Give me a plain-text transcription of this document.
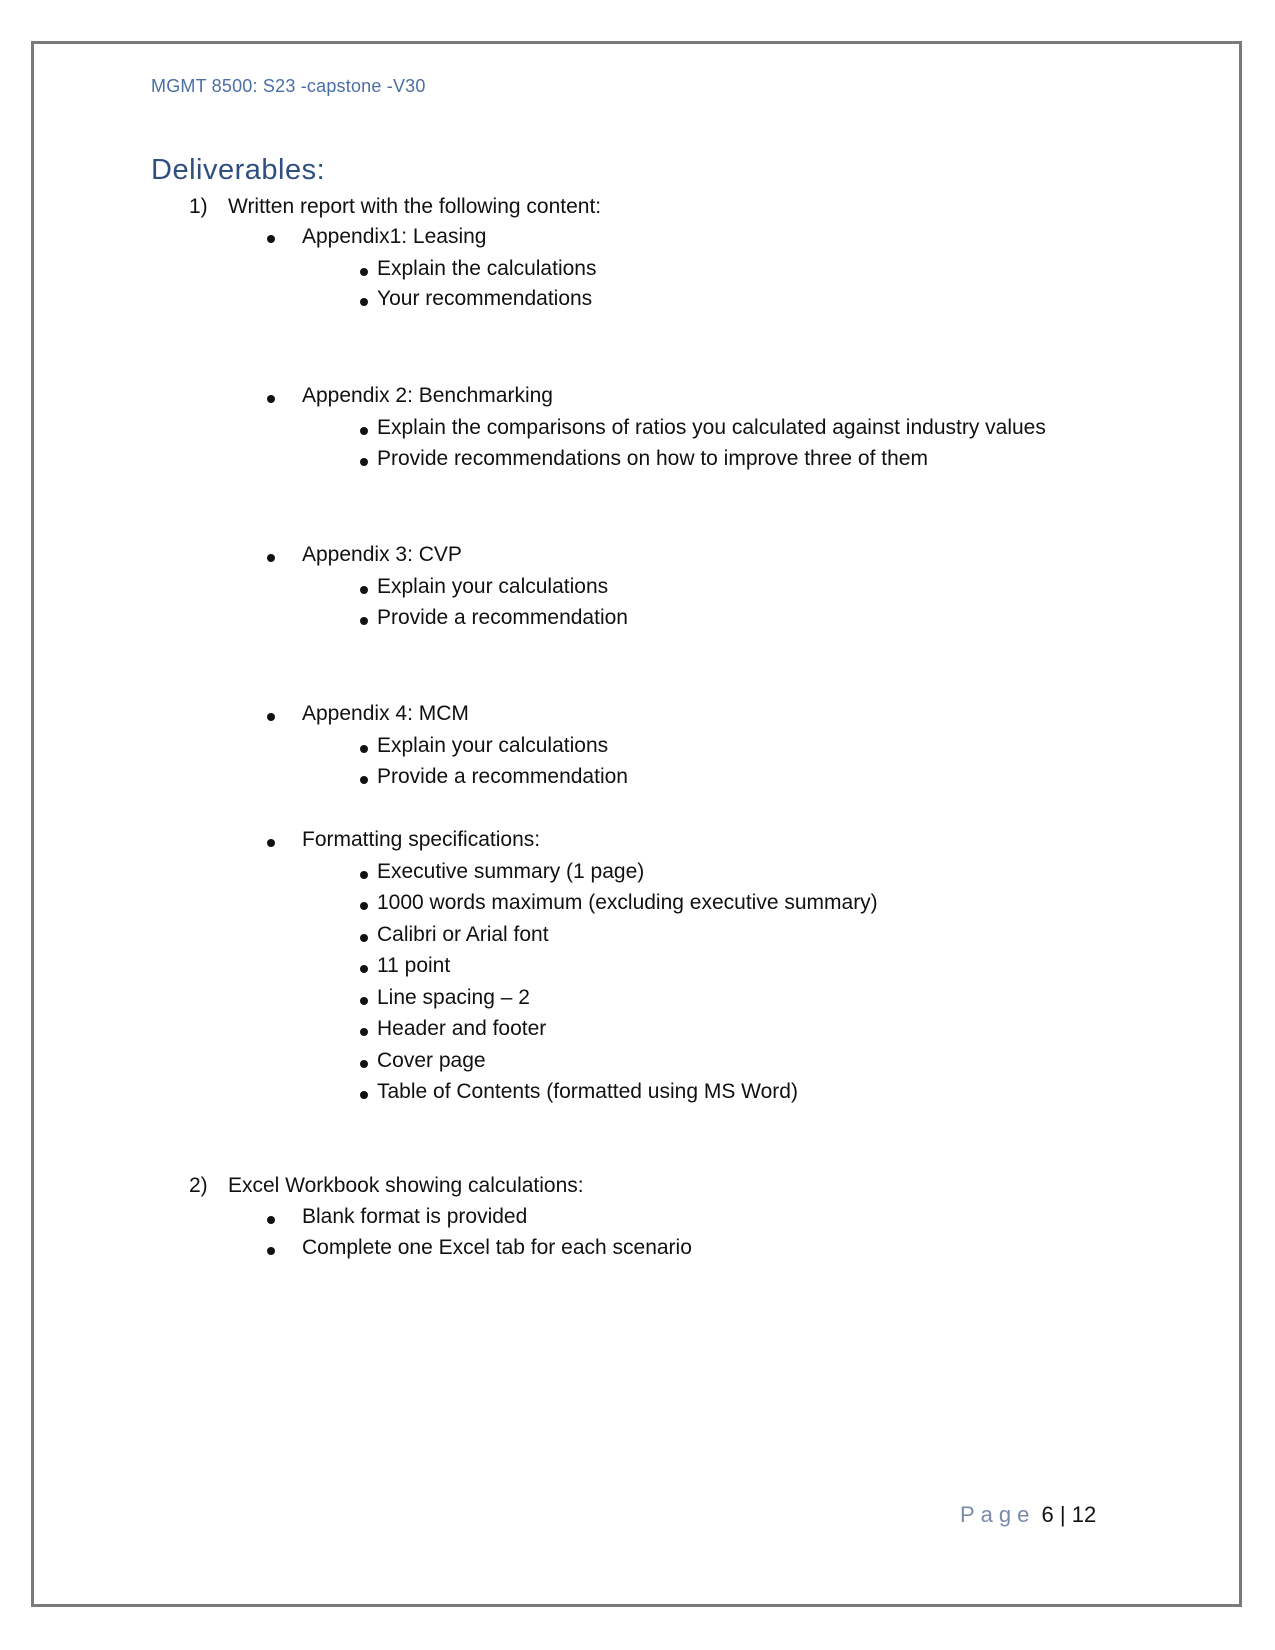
MGMT 8500: S23 -capstone -V30
Deliverables:
1) Written report with the following content:
Appendix1: Leasing
Explain the calculations
Your recommendations
Appendix 2: Benchmarking
Explain the comparisons of ratios you calculated against industry values
Provide recommendations on how to improve three of them
Appendix 3: CVP
Explain your calculations
Provide a recommendation
Appendix 4: MCM
Explain your calculations
Provide a recommendation
Formatting specifications:
Executive summary (1 page)
1000 words maximum (excluding executive summary)
Calibri or Arial font
11 point
Line spacing – 2
Header and footer
Cover page
Table of Contents (formatted using MS Word)
2) Excel Workbook showing calculations:
Blank format is provided
Complete one Excel tab for each scenario
Page 6 | 12
